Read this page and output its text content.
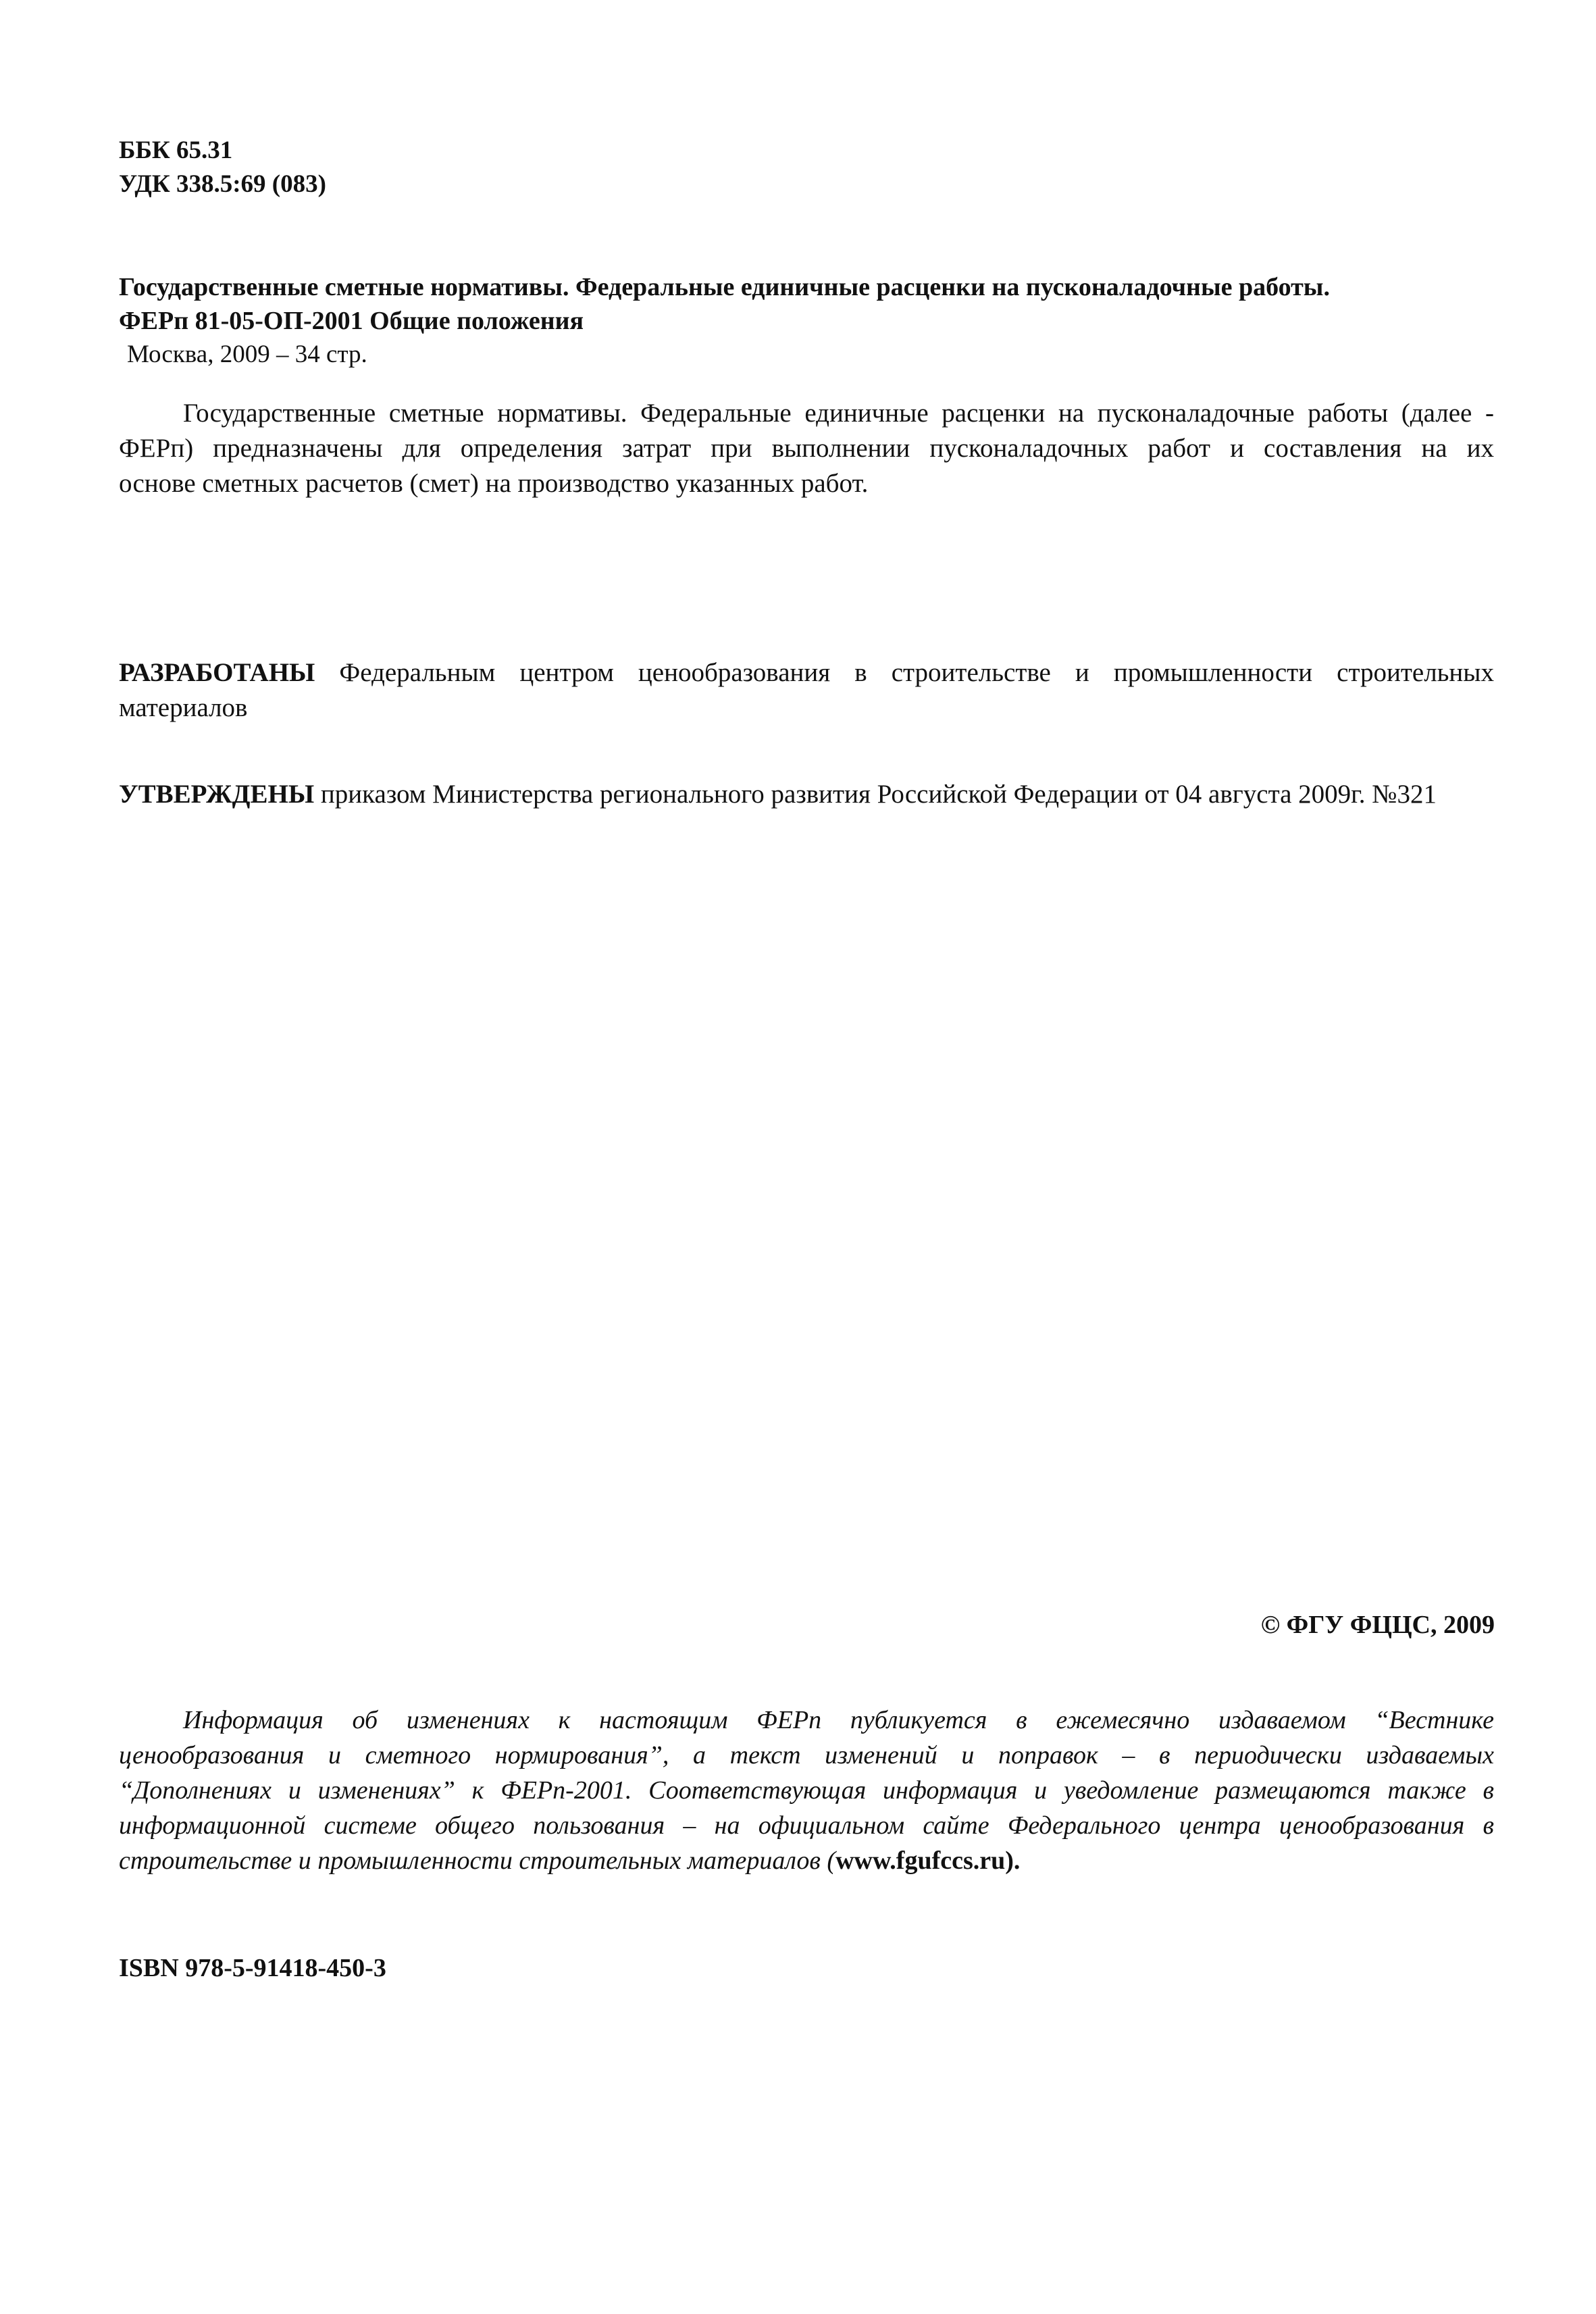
ББК 65.31
УДК 338.5:69 (083)
Государственные сметные нормативы. Федеральные единичные расценки на пусконаладочные работы.
ФЕРп 81-05-ОП-2001 Общие положения
Москва, 2009 – 34 стр.
Государственные сметные нормативы. Федеральные единичные расценки на пусконаладочные работы (далее -
ФЕРп) предназначены для определения затрат при выполнении пусконаладочных работ и составления на их
основе сметных расчетов (смет) на производство указанных работ.
РАЗРАБОТАНЫ Федеральным центром ценообразования в строительстве и промышленности строительных
материалов
УТВЕРЖДЕНЫ приказом Министерства регионального развития Российской Федерации от 04 августа 2009г. №321
© ФГУ ФЦЦС, 2009
Информация об изменениях к настоящим ФЕРп публикуется в ежемесячно издаваемом “Вестнике
ценообразования и сметного нормирования”, а текст изменений и поправок – в периодически издаваемых
“Дополнениях и изменениях” к ФЕРп-2001. Соответствующая информация и уведомление размещаются также в
информационной системе общего пользования – на официальном сайте Федерального центра ценообразования в
строительстве и промышленности строительных материалов (www.fgufccs.ru).
ISBN 978-5-91418-450-3
